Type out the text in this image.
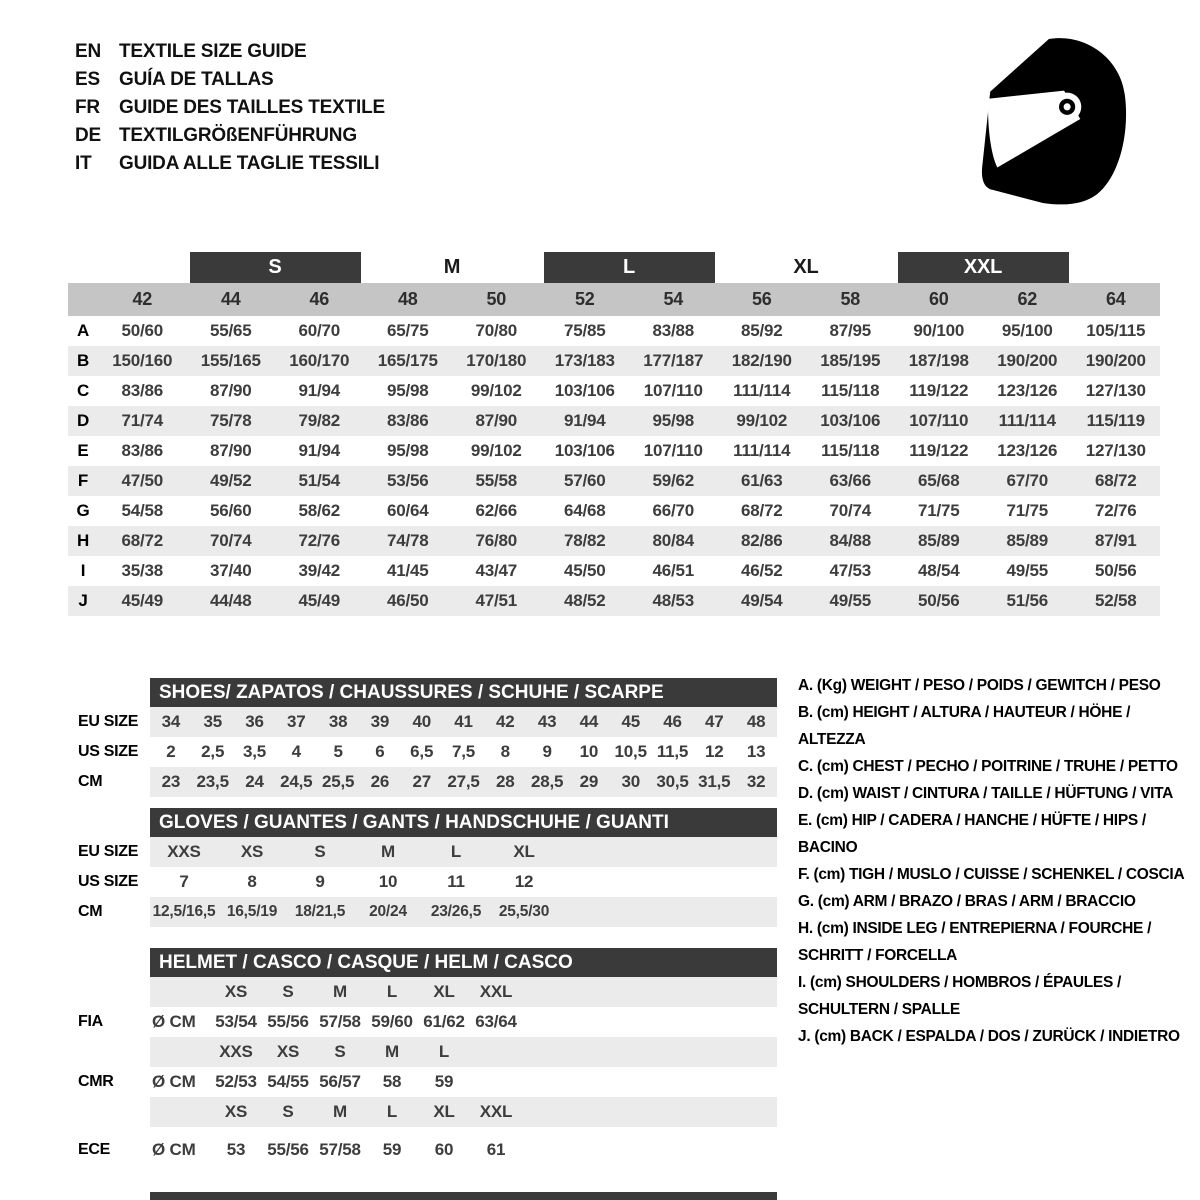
EN TEXTILE SIZE GUIDE
ES	GUÍA DE TALLAS
FR	GUIDE DES TAILLES TEXTILE
DE TEXTILGRÖßENFÜHRUNG
IT	GUIDA ALLE TAGLIE TESSILI
S	M	L	XL	XXL
42	44	46	48	50	52	54	56	58	60	62	64
A	50/60	55/65	60/70	65/75	70/80	75/85	83/88	85/92	87/95	90/100	95/100	105/115
B	150/160	155/165	160/170	165/175	170/180	173/183	177/187	182/190	185/195	187/198	190/200	190/200
C	83/86	87/90	91/94	95/98	99/102	103/106	107/110	111/114	115/118	119/122	123/126	127/130
D	71/74	75/78	79/82	83/86	87/90	91/94	95/98	99/102	103/106	107/110	111/114	115/119
E	83/86	87/90	91/94	95/98	99/102	103/106	107/110	111/114	115/118	119/122	123/126	127/130
F	47/50	49/52	51/54	53/56	55/58	57/60	59/62	61/63	63/66	65/68	67/70	68/72
G	54/58	56/60	58/62	60/64	62/66	64/68	66/70	68/72	70/74	71/75	71/75	72/76
H	68/72	70/74	72/76	74/78	76/80	78/82	80/84	82/86	84/88	85/89	85/89	87/91
I	35/38	37/40	39/42	41/45	43/47	45/50	46/51	46/52	47/53	48/54	49/55	50/56
J	45/49	44/48	45/49	46/50	47/51	48/52	48/53	49/54	49/55	50/56	51/56	52/58
SHOES/ ZAPATOS / CHAUSSURES / SCHUHE / SCARPE
EU SIZE	34	35	36	37	38	39	40	41	42	43	44	45	46	47	48
US SIZE	2	2,5	3,5	4	5	6	6,5	7,5	8	9	10 10,5 11,5 12	13
CM	23 23,5 24 24,5 25,5 26	27 27,5 28 28,5 29	30 30,5 31,5 32
GLOVES / GUANTES / GANTS / HANDSCHUHE / GUANTI
EU SIZE	XXS	XS	S	M	L	XL
US SIZE	7	8	9	10	11	12
CM	12,5/16,5 16,5/19	18/21,5	20/24	23/26,5	25,5/30
HELMET / CASCO / CASQUE / HELM / CASCO
XS	S	M	L	XL	XXL
FIA	Ø CM	53/54 55/56 57/58 59/60 61/62 63/64
XXS	XS	S	M	L
CMR	Ø CM	52/53 54/55 56/57	58	59
XS	S	M	L	XL	XXL
ECE	Ø CM	53	55/56 57/58	59	60	61
A. (Kg) WEIGHT / PESO / POIDS / GEWITCH / PESO
B. (cm) HEIGHT / ALTURA / HAUTEUR / HÖHE / ALTEZZA
C. (cm) CHEST / PECHO / POITRINE / TRUHE / PETTO
D. (cm) WAIST / CINTURA / TAILLE / HÜFTUNG / VITA
E. (cm) HIP / CADERA / HANCHE / HÜFTE / HIPS / BACINO
F. (cm) TIGH / MUSLO / CUISSE / SCHENKEL / COSCIA
G. (cm) ARM / BRAZO / BRAS / ARM / BRACCIO
H. (cm) INSIDE LEG / ENTREPIERNA / FOURCHE / SCHRITT / FORCELLA
I. (cm) SHOULDERS / HOMBROS / ÉPAULES / SCHULTERN / SPALLE
J. (cm) BACK / ESPALDA / DOS / ZURÜCK / INDIETRO
